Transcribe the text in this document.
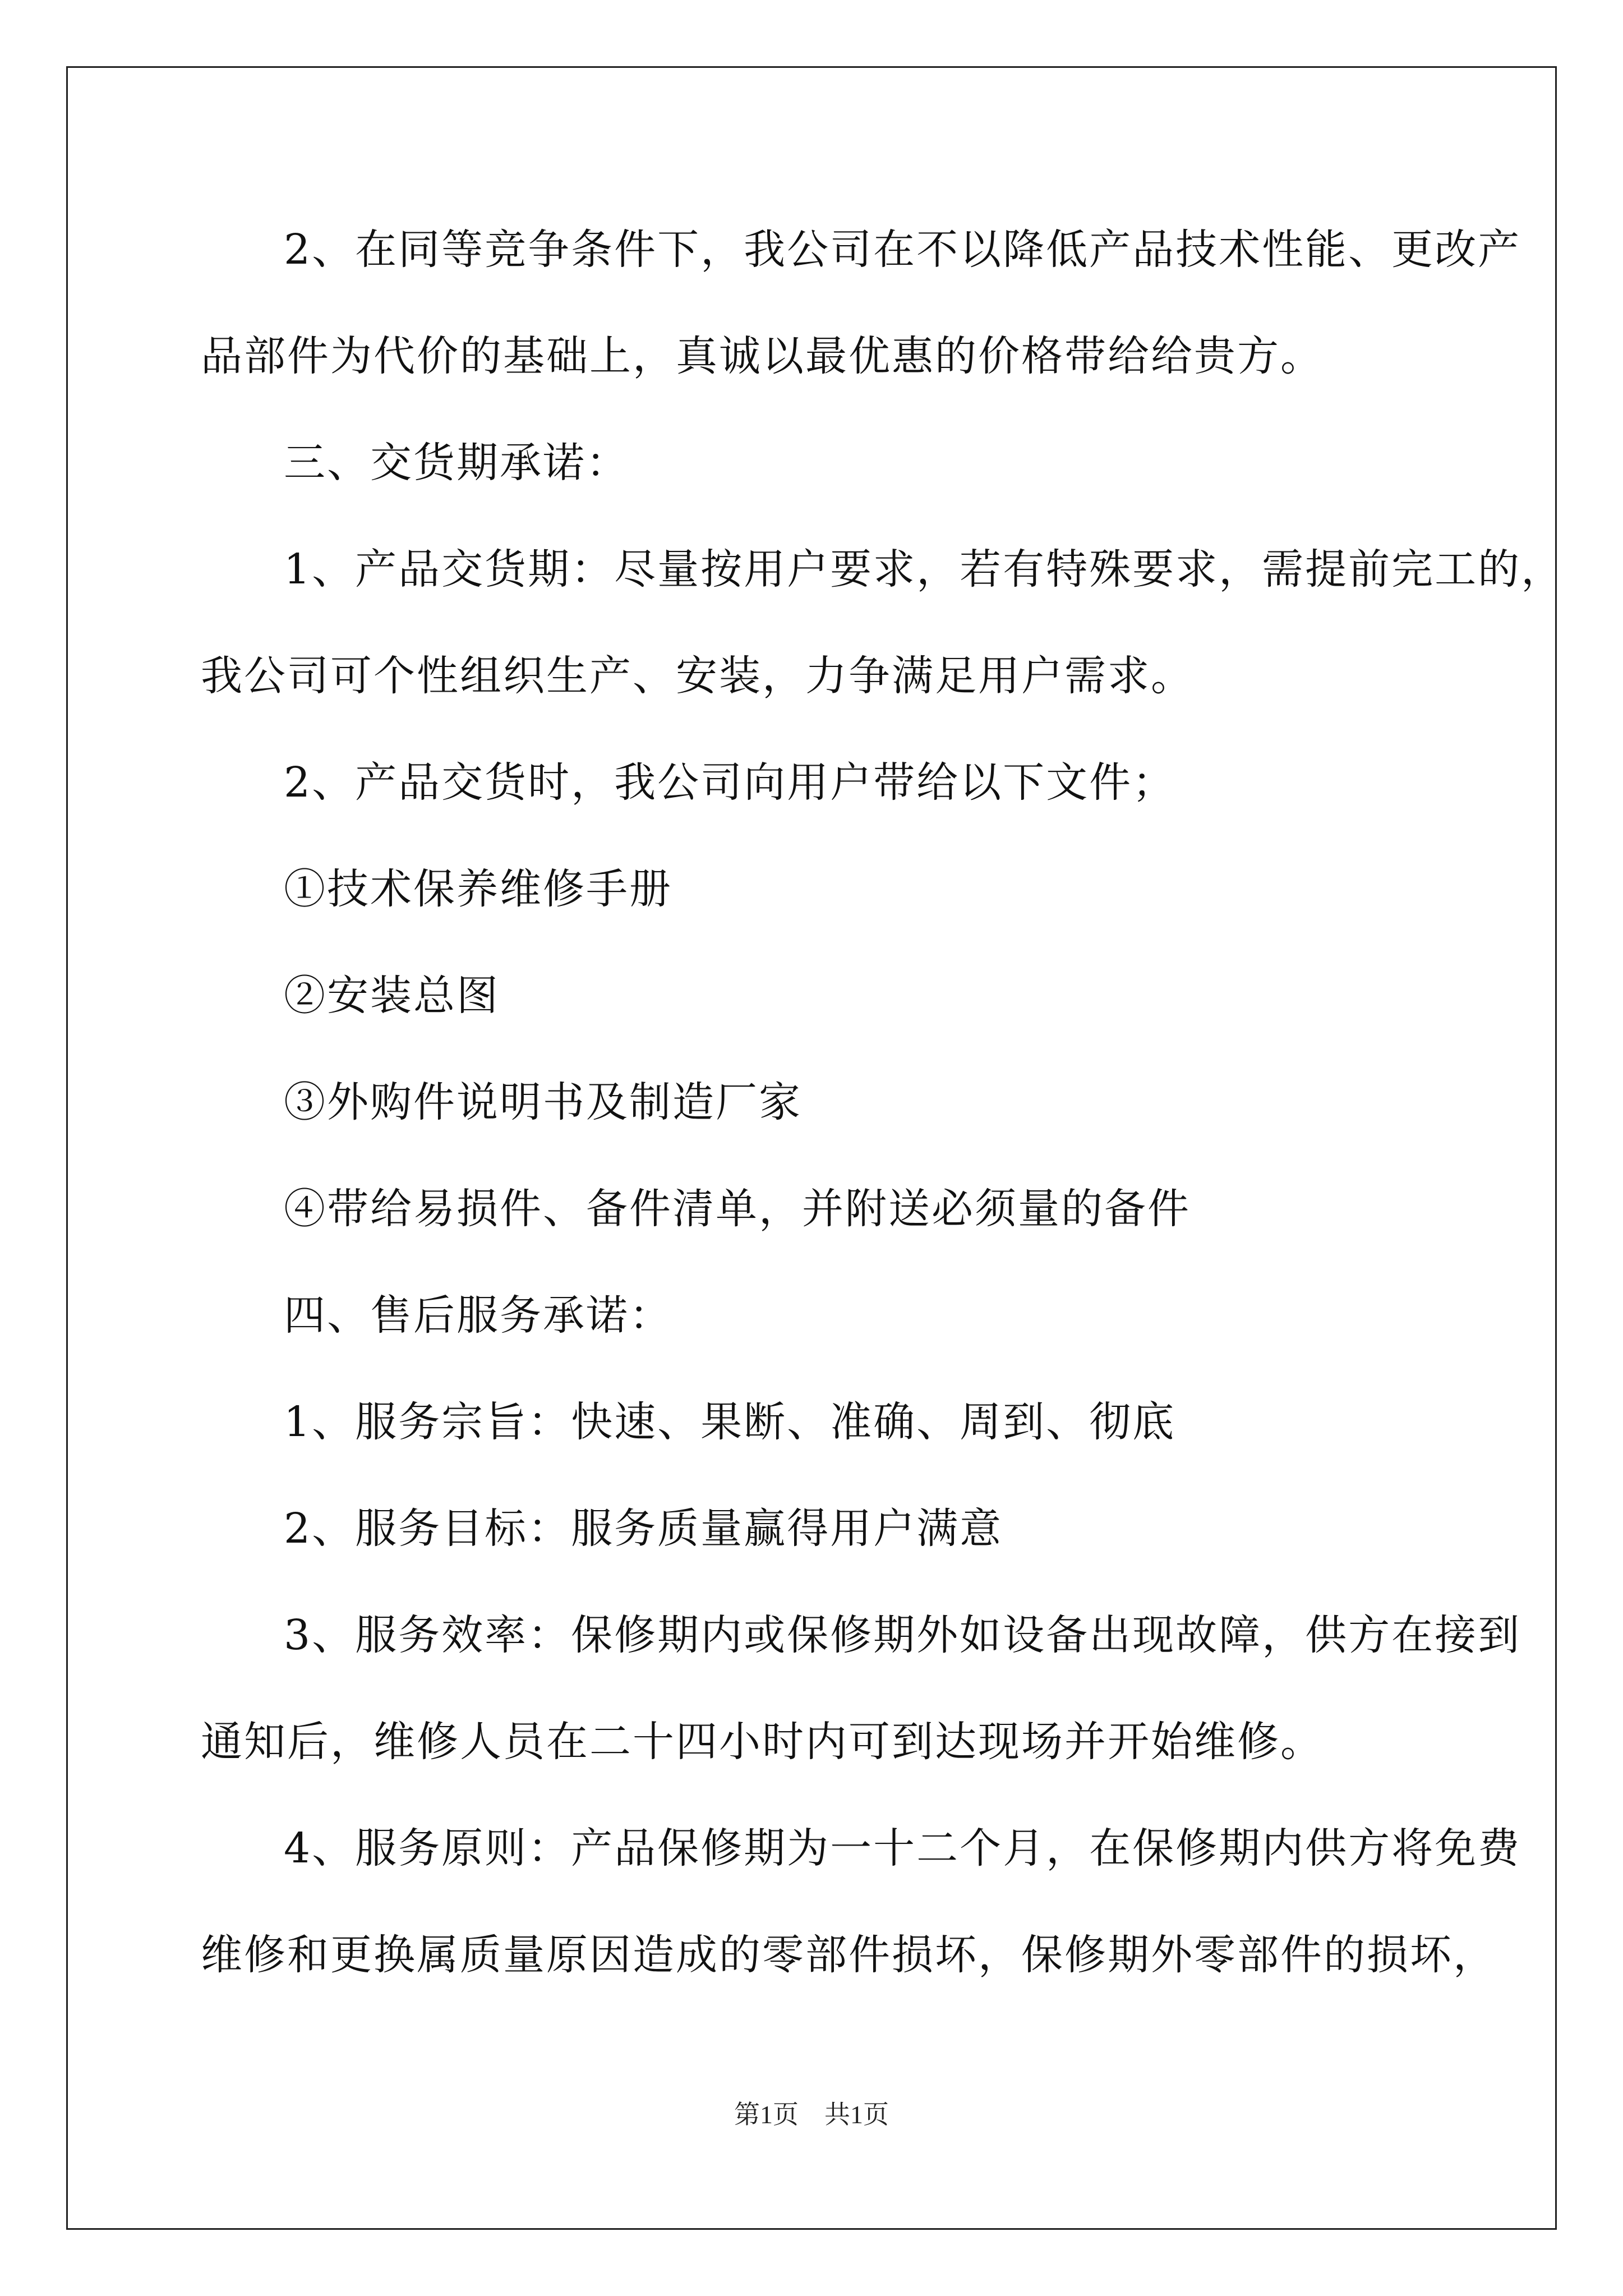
2、在同等竞争条件下，我公司在不以降低产品技术性能、更改产
品部件为代价的基础上，真诚以最优惠的价格带给给贵方。
三、交货期承诺：
1、产品交货期：尽量按用户要求，若有特殊要求，需提前完工的，
我公司可个性组织生产、安装，力争满足用户需求。
2、产品交货时，我公司向用户带给以下文件；
①技术保养维修手册
②安装总图
③外购件说明书及制造厂家
④带给易损件、备件清单，并附送必须量的备件
四、售后服务承诺：
1、服务宗旨：快速、果断、准确、周到、彻底
2、服务目标：服务质量赢得用户满意
3、服务效率：保修期内或保修期外如设备出现故障，供方在接到
通知后，维修人员在二十四小时内可到达现场并开始维修。
4、服务原则：产品保修期为一十二个月，在保修期内供方将免费
维修和更换属质量原因造成的零部件损坏，保修期外零部件的损坏，
第1页　共1页
